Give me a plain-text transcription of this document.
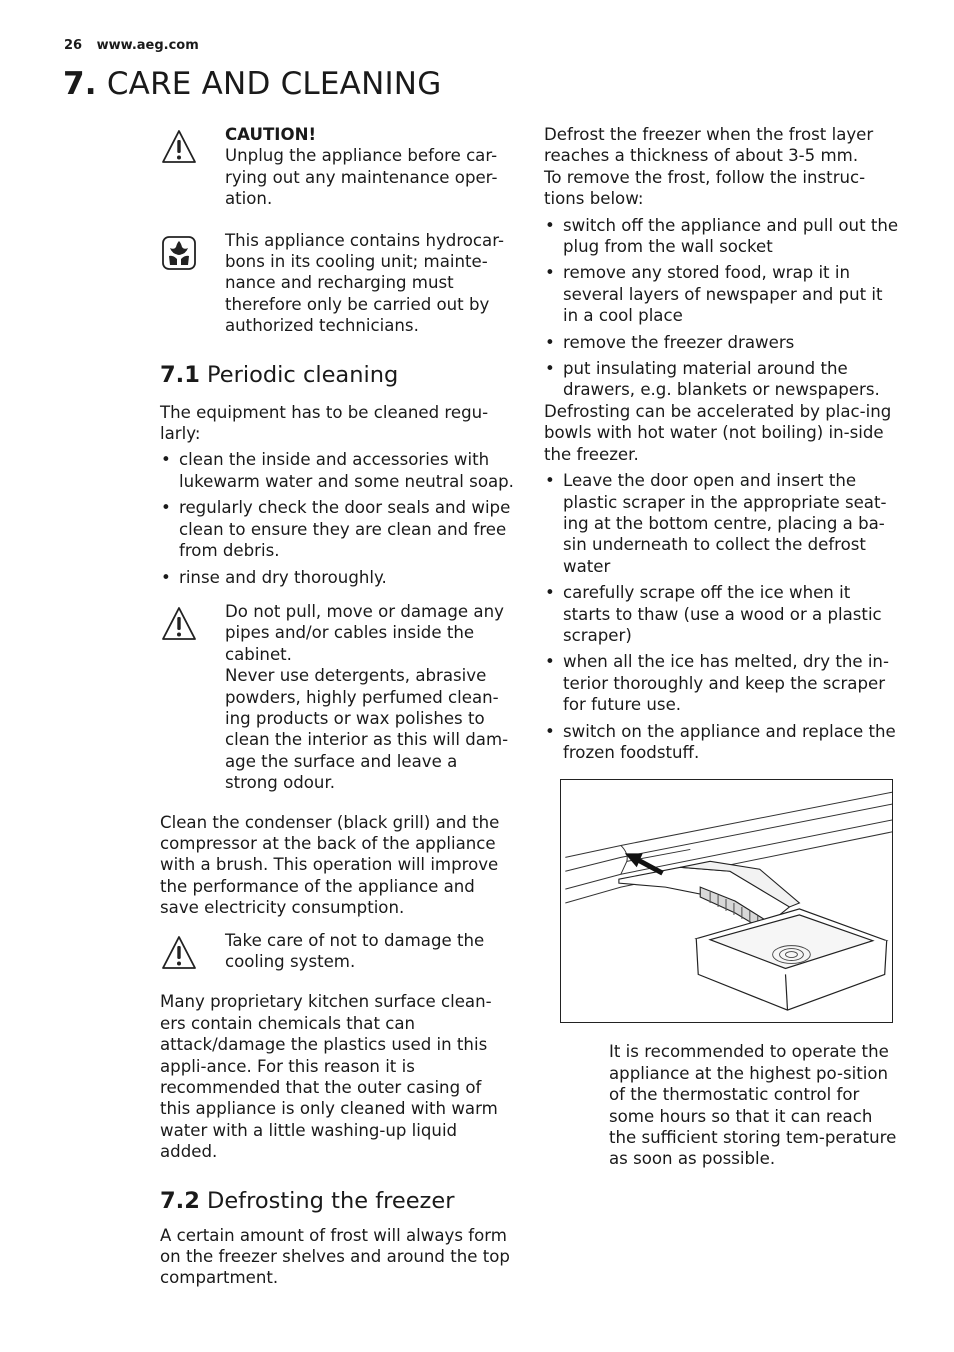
26 www.aeg.com
7. CARE AND CLEANING

CAUTION!

Unplug the appliance before car-rying out any maintenance oper-ation.

This appliance contains hydrocar-bons in its cooling unit; mainte-nance and recharging must therefore only be carried out by authorized technicians.

7.1 Periodic cleaning

The equipment has to be cleaned regu-larly:

• clean the inside and accessories with lukewarm water and some neutral soap.
• regularly check the door seals and wipe clean to ensure they are clean and free from debris.
• rinse and dry thoroughly.

Do not pull, move or damage any pipes and/or cables inside the cabinet.

Never use detergents, abrasive powders, highly perfumed clean-ing products or wax polishes to clean the interior as this will dam-age the surface and leave a strong odour.

Clean the condenser (black grill) and the compressor at the back of the appliance with a brush. This operation will improve the performance of the appliance and save electricity consumption.

Take care of not to damage the cooling system.

Many proprietary kitchen surface clean-ers contain chemicals that can attack/damage the plastics used in this appli-ance. For this reason it is recommended that the outer casing of this appliance is only cleaned with warm water with a little washing-up liquid added.

7.2 Defrosting the freezer

A certain amount of frost will always form on the freezer shelves and around the top compartment.

Defrost the freezer when the frost layer reaches a thickness of about 3-5 mm.

To remove the frost, follow the instruc-tions below:

• switch off the appliance and pull out the plug from the wall socket
• remove any stored food, wrap it in several layers of newspaper and put it in a cool place
• remove the freezer drawers
• put insulating material around the drawers, e.g. blankets or newspapers.

Defrosting can be accelerated by plac-ing bowls with hot water (not boiling) in-side the freezer.

• Leave the door open and insert the plastic scraper in the appropriate seat-ing at the bottom centre, placing a ba-sin underneath to collect the defrost water
• carefully scrape off the ice when it starts to thaw (use a wood or a plastic scraper)
• when all the ice has melted, dry the in-terior thoroughly and keep the scraper for future use.
• switch on the appliance and replace the frozen foodstuff.

It is recommended to operate the appliance at the highest po-sition of the thermostatic control for some hours so that it can reach the sufficient storing tem-perature as soon as possible.
